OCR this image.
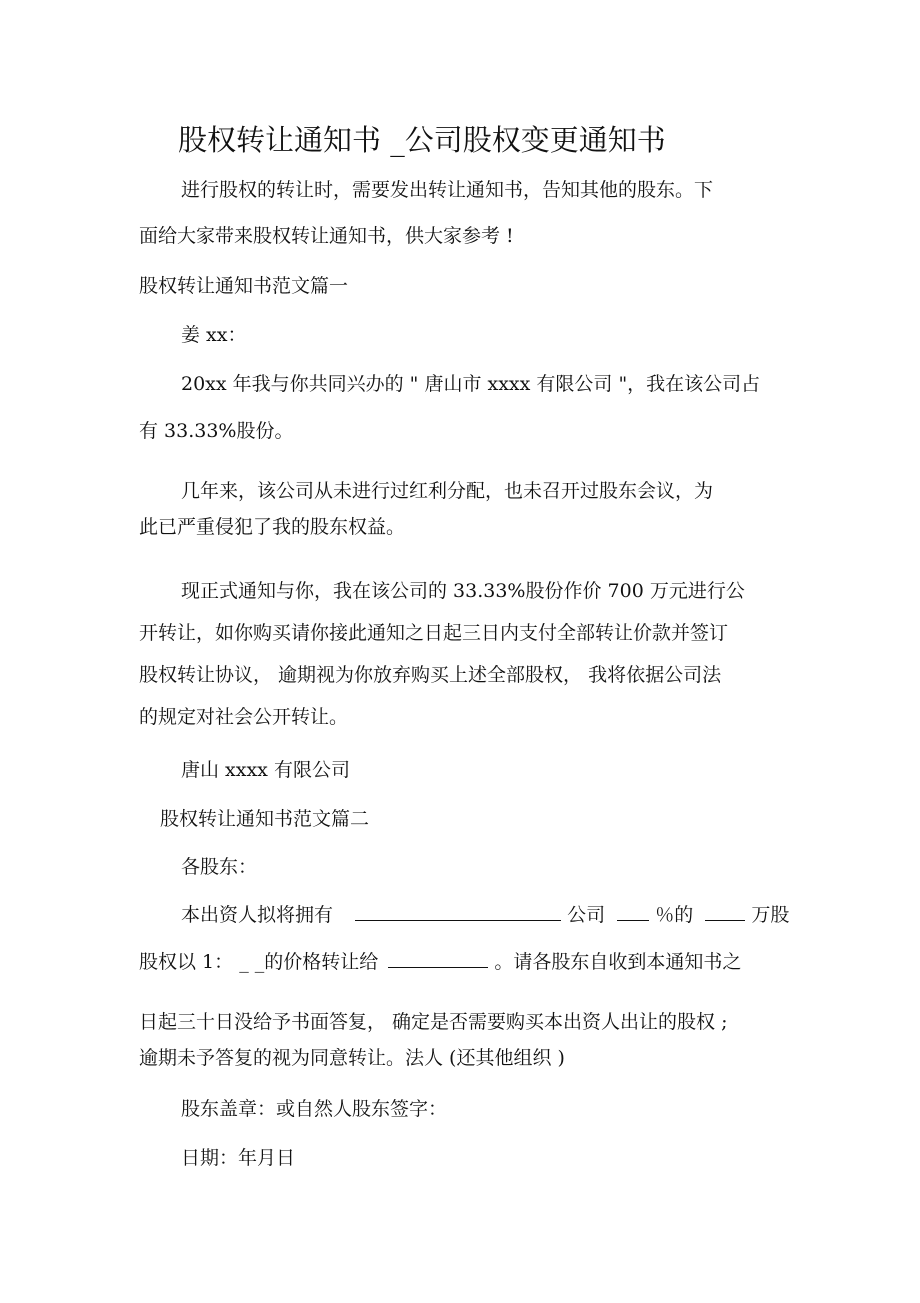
股权转让通知书 _公司股权变更通知书
进行股权的转让时，需要发出转让通知书，告知其他的股东。下
面给大家带来股权转让通知书，供大家参考 !
股权转让通知书范文篇一
姜 xx：
20xx 年我与你共同兴办的 " 唐山市 xxxx 有限公司 "，我在该公司占
有 33.33%股份。
几年来，该公司从未进行过红利分配，也未召开过股东会议，为
此已严重侵犯了我的股东权益。
现正式通知与你，我在该公司的 33.33%股份作价 700 万元进行公
开转让，如你购买请你接此通知之日起三日内支付全部转让价款并签订
股权转让协议， 逾期视为你放弃购买上述全部股权， 我将依据公司法
的规定对社会公开转让。
唐山 xxxx 有限公司
股权转让通知书范文篇二
各股东：
本出资人拟将拥有	公司	％的	万股
股权以 1： _ _的价格转让给	。请各股东自收到本通知书之
日起三十日没给予书面答复， 确定是否需要购买本出资人出让的股权 ;
逾期未予答复的视为同意转让。法人 (还其他组织 )
股东盖章：或自然人股东签字：
日期：年月日
